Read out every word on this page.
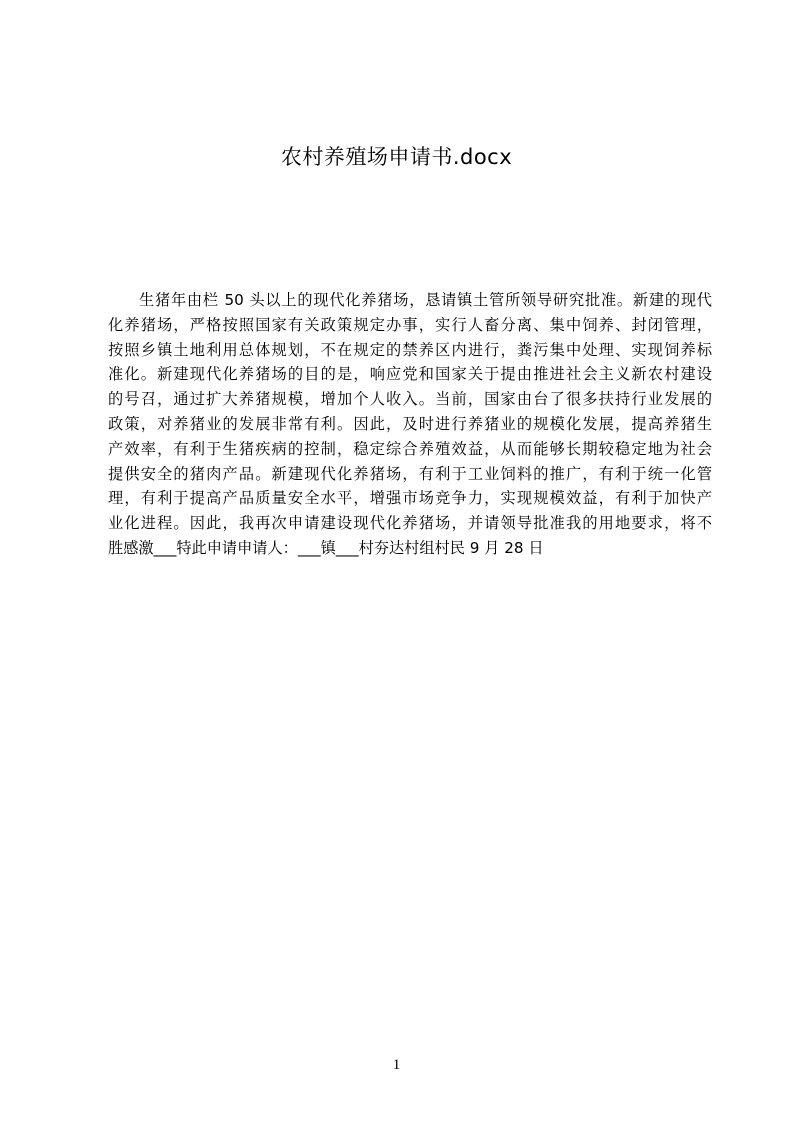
农村养殖场申请书.docx
生猪年由栏 50 头以上的现代化养猪场，恳请镇土管所领导研究批准。新建的现代
化养猪场，严格按照国家有关政策规定办事，实行人畜分离、集中饲养、封闭管理，
按照乡镇土地利用总体规划，不在规定的禁养区内进行，粪污集中处理、实现饲养标
准化。新建现代化养猪场的目的是，响应党和国家关于提由推进社会主义新农村建设
的号召，通过扩大养猪规模，增加个人收入。当前，国家由台了很多扶持行业发展的
政策，对养猪业的发展非常有利。因此，及时进行养猪业的规模化发展，提高养猪生
产效率，有利于生猪疾病的控制，稳定综合养殖效益，从而能够长期较稳定地为社会
提供安全的猪肉产品。新建现代化养猪场，有利于工业饲料的推广，有利于统一化管
理，有利于提高产品质量安全水平，增强市场竞争力，实现规模效益，有利于加快产
业化进程。因此，我再次申请建设现代化养猪场，并请领导批准我的用地要求，将不
胜感激___特此申请申请人：___镇___村夯达村组村民 9 月 28 日
1
